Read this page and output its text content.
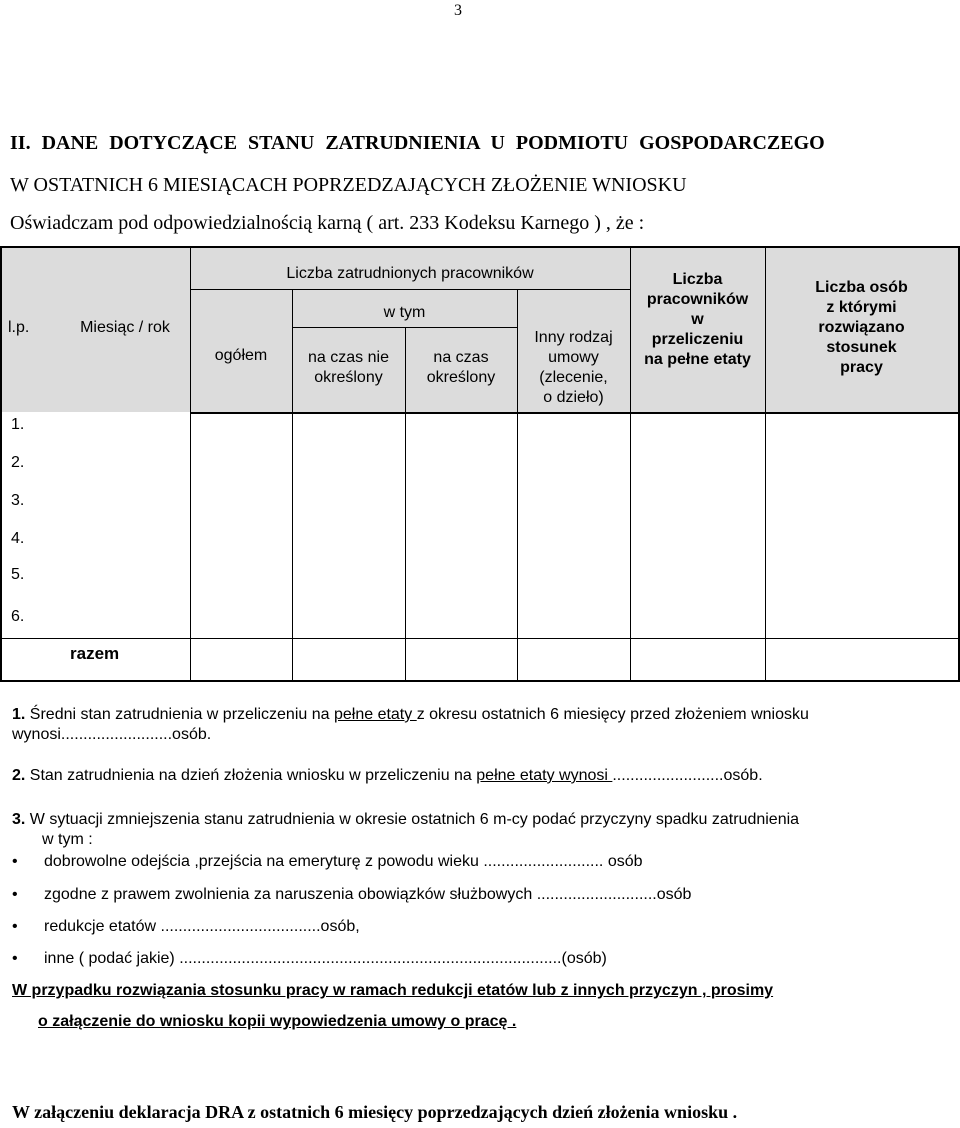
3
II. DANE DOTYCZĄCE STANU ZATRUDNIENIA U PODMIOTU GOSPODARCZEGO
W OSTATNICH 6 MIESIĄCACH POPRZEDZAJĄCYCH ZŁOŻENIE WNIOSKU
Oświadczam pod odpowiedzialnością karną ( art. 233 Kodeksu Karnego ) , że :
l.p.	Miesiąc / rok
Liczba zatrudnionych pracowników
ogółem
w tym
na czas nie
określony
na czas
określony
Inny rodzaj
umowy
(zlecenie,
o dzieło)
Liczba
pracowników
w
przeliczeniu
na pełne etaty
Liczba osób
z którymi
rozwiązano
stosunek
pracy
1.
2.
3.
4.
5.
6.
razem
1. Średni stan zatrudnienia w przeliczeniu na pełne etaty z okresu ostatnich 6 miesięcy przed złożeniem wniosku
wynosi.........................osób.
2. Stan zatrudnienia na dzień złożenia wniosku w przeliczeniu na pełne etaty wynosi .........................osób.
3. W sytuacji zmniejszenia stanu zatrudnienia w okresie ostatnich 6 m-cy podać przyczyny spadku zatrudnienia
w tym :
• dobrowolne odejścia ,przejścia na emeryturę z powodu wieku ........................... osób
• zgodne z prawem zwolnienia za naruszenia obowiązków służbowych ...........................osób
• redukcje etatów ....................................osób,
• inne ( podać jakie) ......................................................................................(osób)
W przypadku rozwiązania stosunku pracy w ramach redukcji etatów lub z innych przyczyn , prosimy
o załączenie do wniosku kopii wypowiedzenia umowy o pracę .
W załączeniu deklaracja DRA z ostatnich 6 miesięcy poprzedzających dzień złożenia wniosku .
